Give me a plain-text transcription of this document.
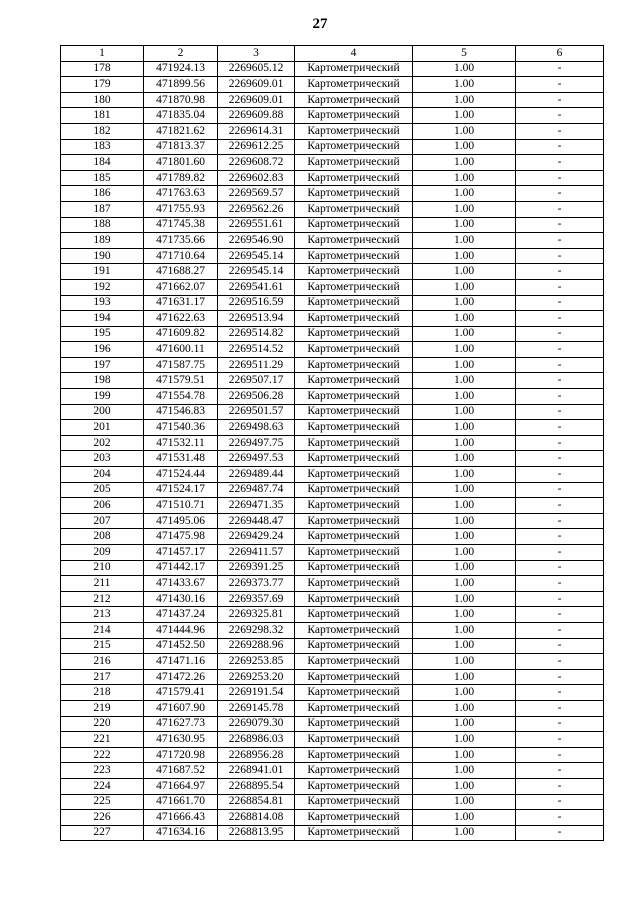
27
1	2	3	4	5	6
178	471924.13	2269605.12	Картометрический	1.00	-
179	471899.56	2269609.01	Картометрический	1.00	-
180	471870.98	2269609.01	Картометрический	1.00	-
181	471835.04	2269609.88	Картометрический	1.00	-
182	471821.62	2269614.31	Картометрический	1.00	-
183	471813.37	2269612.25	Картометрический	1.00	-
184	471801.60	2269608.72	Картометрический	1.00	-
185	471789.82	2269602.83	Картометрический	1.00	-
186	471763.63	2269569.57	Картометрический	1.00	-
187	471755.93	2269562.26	Картометрический	1.00	-
188	471745.38	2269551.61	Картометрический	1.00	-
189	471735.66	2269546.90	Картометрический	1.00	-
190	471710.64	2269545.14	Картометрический	1.00	-
191	471688.27	2269545.14	Картометрический	1.00	-
192	471662.07	2269541.61	Картометрический	1.00	-
193	471631.17	2269516.59	Картометрический	1.00	-
194	471622.63	2269513.94	Картометрический	1.00	-
195	471609.82	2269514.82	Картометрический	1.00	-
196	471600.11	2269514.52	Картометрический	1.00	-
197	471587.75	2269511.29	Картометрический	1.00	-
198	471579.51	2269507.17	Картометрический	1.00	-
199	471554.78	2269506.28	Картометрический	1.00	-
200	471546.83	2269501.57	Картометрический	1.00	-
201	471540.36	2269498.63	Картометрический	1.00	-
202	471532.11	2269497.75	Картометрический	1.00	-
203	471531.48	2269497.53	Картометрический	1.00	-
204	471524.44	2269489.44	Картометрический	1.00	-
205	471524.17	2269487.74	Картометрический	1.00	-
206	471510.71	2269471.35	Картометрический	1.00	-
207	471495.06	2269448.47	Картометрический	1.00	-
208	471475.98	2269429.24	Картометрический	1.00	-
209	471457.17	2269411.57	Картометрический	1.00	-
210	471442.17	2269391.25	Картометрический	1.00	-
211	471433.67	2269373.77	Картометрический	1.00	-
212	471430.16	2269357.69	Картометрический	1.00	-
213	471437.24	2269325.81	Картометрический	1.00	-
214	471444.96	2269298.32	Картометрический	1.00	-
215	471452.50	2269288.96	Картометрический	1.00	-
216	471471.16	2269253.85	Картометрический	1.00	-
217	471472.26	2269253.20	Картометрический	1.00	-
218	471579.41	2269191.54	Картометрический	1.00	-
219	471607.90	2269145.78	Картометрический	1.00	-
220	471627.73	2269079.30	Картометрический	1.00	-
221	471630.95	2268986.03	Картометрический	1.00	-
222	471720.98	2268956.28	Картометрический	1.00	-
223	471687.52	2268941.01	Картометрический	1.00	-
224	471664.97	2268895.54	Картометрический	1.00	-
225	471661.70	2268854.81	Картометрический	1.00	-
226	471666.43	2268814.08	Картометрический	1.00	-
227	471634.16	2268813.95	Картометрический	1.00	-
